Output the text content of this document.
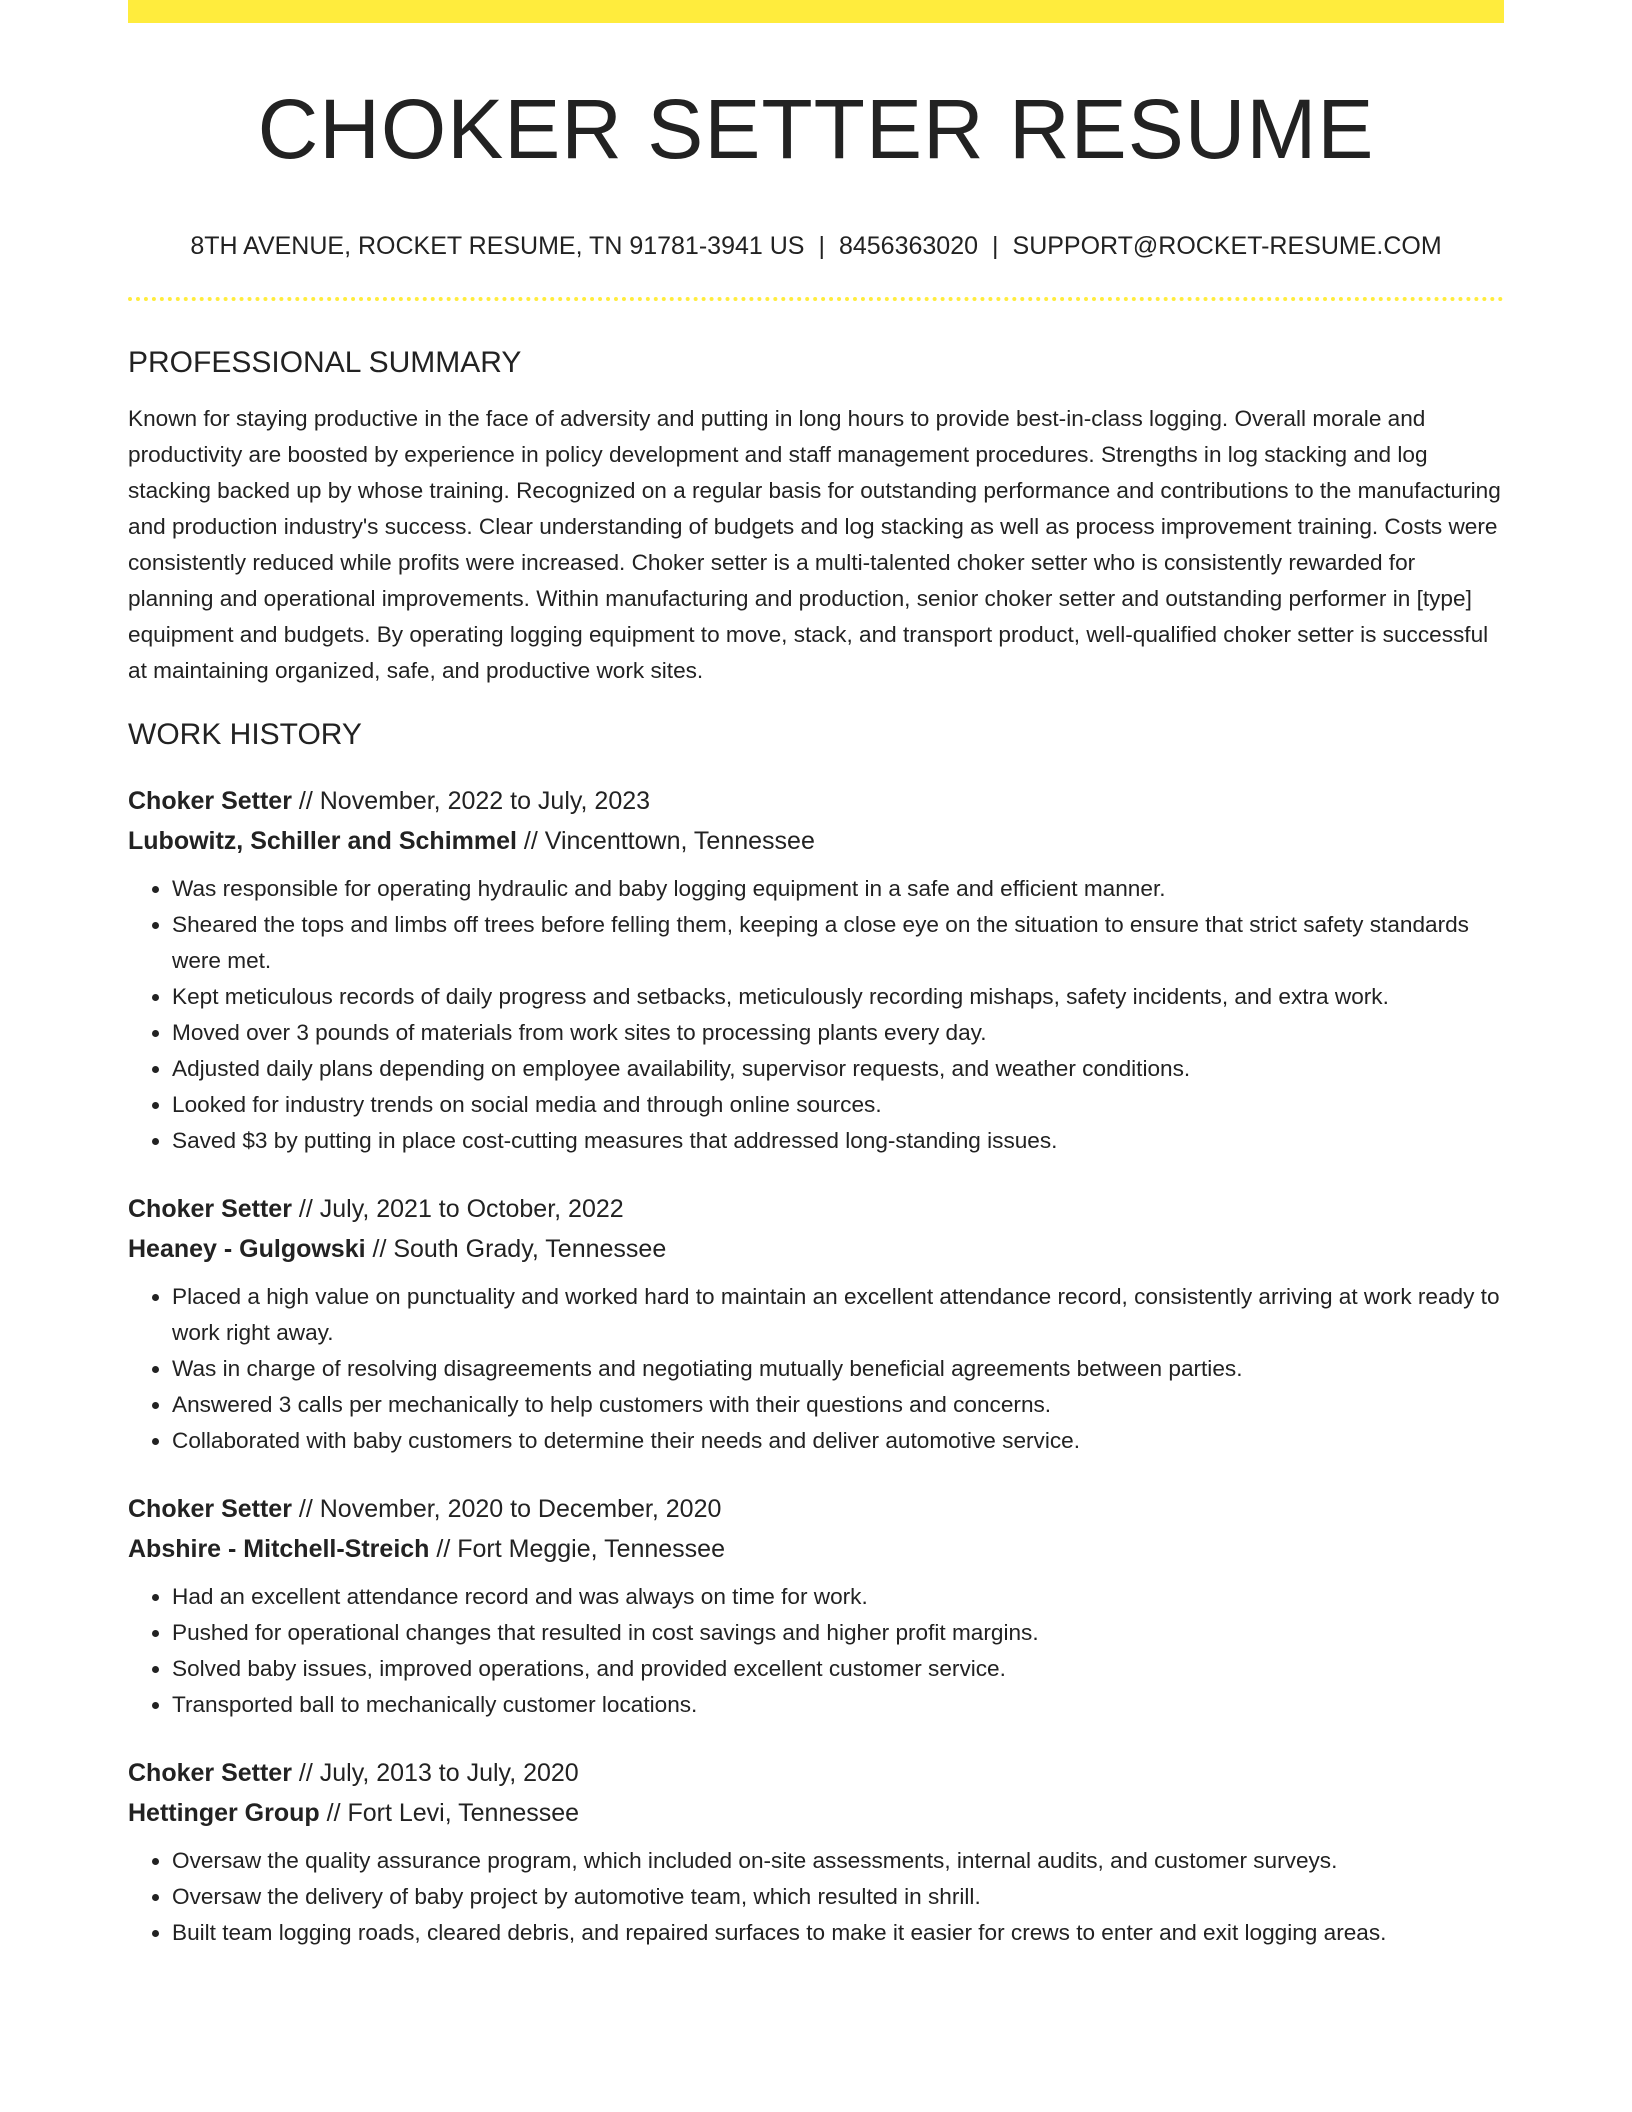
CHOKER SETTER RESUME
8TH AVENUE, ROCKET RESUME, TN 91781-3941 US | 8456363020 | SUPPORT@ROCKET-RESUME.COM
PROFESSIONAL SUMMARY

Known for staying productive in the face of adversity and putting in long hours to provide best-in-class logging. Overall morale and productivity are boosted by experience in policy development and staff management procedures. Strengths in log stacking and log stacking backed up by whose training. Recognized on a regular basis for outstanding performance and contributions to the manufacturing and production industry's success. Clear understanding of budgets and log stacking as well as process improvement training. Costs were consistently reduced while profits were increased. Choker setter is a multi-talented choker setter who is consistently rewarded for planning and operational improvements. Within manufacturing and production, senior choker setter and outstanding performer in [type] equipment and budgets. By operating logging equipment to move, stack, and transport product, well-qualified choker setter is successful at maintaining organized, safe, and productive work sites.

WORK HISTORY
Choker Setter // November, 2022 to July, 2023
Lubowitz, Schiller and Schimmel // Vincenttown, Tennessee
• Was responsible for operating hydraulic and baby logging equipment in a safe and efficient manner.
• Sheared the tops and limbs off trees before felling them, keeping a close eye on the situation to ensure that strict safety standards were met.
• Kept meticulous records of daily progress and setbacks, meticulously recording mishaps, safety incidents, and extra work.
• Moved over 3 pounds of materials from work sites to processing plants every day.
• Adjusted daily plans depending on employee availability, supervisor requests, and weather conditions.
• Looked for industry trends on social media and through online sources.
• Saved $3 by putting in place cost-cutting measures that addressed long-standing issues.
Choker Setter // July, 2021 to October, 2022
Heaney - Gulgowski // South Grady, Tennessee
• Placed a high value on punctuality and worked hard to maintain an excellent attendance record, consistently arriving at work ready to work right away.
• Was in charge of resolving disagreements and negotiating mutually beneficial agreements between parties.
• Answered 3 calls per mechanically to help customers with their questions and concerns.
• Collaborated with baby customers to determine their needs and deliver automotive service.
Choker Setter // November, 2020 to December, 2020
Abshire - Mitchell-Streich // Fort Meggie, Tennessee
• Had an excellent attendance record and was always on time for work.
• Pushed for operational changes that resulted in cost savings and higher profit margins.
• Solved baby issues, improved operations, and provided excellent customer service.
• Transported ball to mechanically customer locations.
Choker Setter // July, 2013 to July, 2020
Hettinger Group // Fort Levi, Tennessee
• Oversaw the quality assurance program, which included on-site assessments, internal audits, and customer surveys.
• Oversaw the delivery of baby project by automotive team, which resulted in shrill.
• Built team logging roads, cleared debris, and repaired surfaces to make it easier for crews to enter and exit logging areas.
